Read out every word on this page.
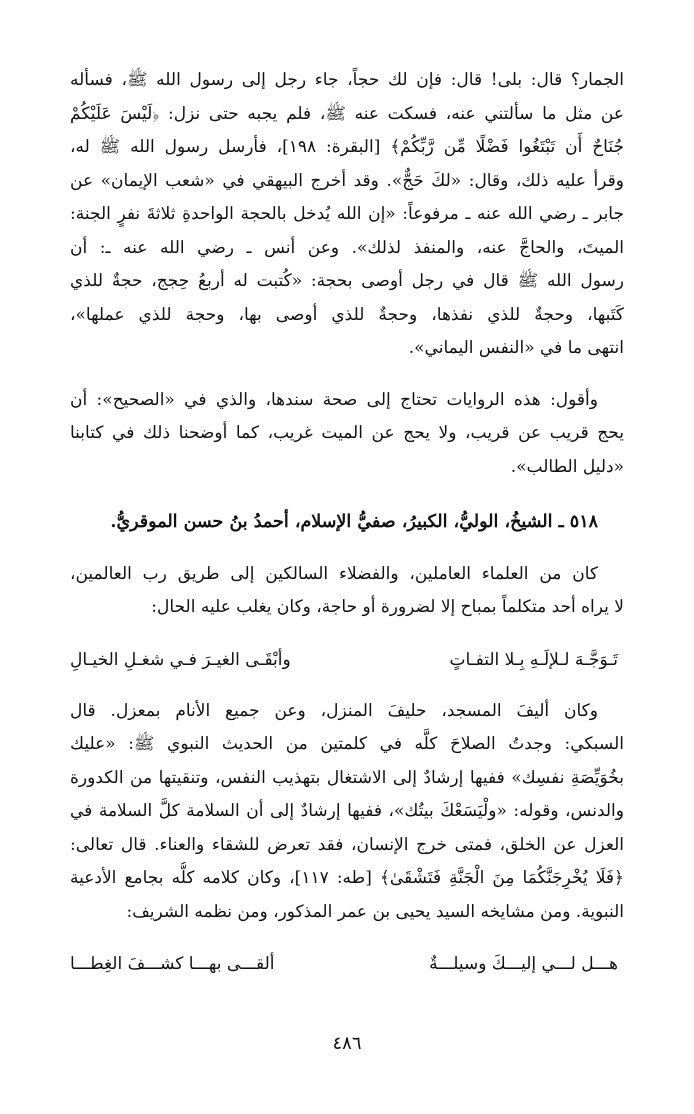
الجمار؟ قال: بلى! قال: فإن لك حجاً، جاء رجل إلى رسول الله ﷺ، فسأله

عن مثل ما سألتني عنه، فسكت عنه ﷺ، فلم يجبه حتى نزل: ﴿لَيْسَ عَلَيْكُمْ

جُنَاحٌ أَن تَبْتَغُوا فَضْلًا مِّن رَّبِّكُمْ﴾ [البقرة: ١٩٨]، فأرسل رسول الله ﷺ له،

وقرأ عليه ذلك، وقال: «لكَ حَجٌّ». وقد أخرج البيهقي في «شعب الإيمان» عن

جابر ـ رضي الله عنه ـ مرفوعاً: «إن الله يُدخل بالحجة الواحدةِ ثلاثةَ نفرٍ الجنة:

الميتَ، والحاجَّ عنه، والمنفذ لذلك». وعن أنس ـ رضي الله عنه ـ: أن

رسول الله ﷺ قال في رجل أوصى بحجة: «كُتبت له أربعُ حِجج، حجةٌ للذي

كَتَبها، وحجةٌ للذي نفذها، وحجةٌ للذي أوصى بها، وحجة للذي عملها»،

انتهى ما في «النفس اليماني».

وأقول: هذه الروايات تحتاج إلى صحة سندها، والذي في «الصحيح»: أن

يحج قريب عن قريب، ولا يحج عن الميت غريب، كما أوضحنا ذلك في كتابنا

«دليل الطالب».

٥١٨ ـ الشيخُ، الوليُّ، الكبيرُ، صفيُّ الإسلام، أحمدُ بنُ حسن الموقريُّ.

كان من العلماء العاملين، والفضلاء السالكين إلى طريق رب العالمين،

لا يراه أحد متكلماً بمباح إلا لضرورة أو حاجة، وكان يغلب عليه الحال:

تَـوَجَّـهَ لـلإلَـهِ بِـلا التفـاتٍ
وأبْقَـى الغيـرَ فـي شغـلِ الخيـالِ

وكان أليفَ المسجد، حليفَ المنزل، وعن جميع الأنام بمعزل. قال

السبكي: وجدتُ الصلاحَ كلَّه في كلمتين من الحديث النبوي ﷺ: «عليك

بخُوَيِّصَةِ نفسِك» ففيها إرشادٌ إلى الاشتغال بتهذيب النفس، وتنقيتها من الكدورة

والدنس، وقوله: «ولْيَسَعْكَ بيتُك»، ففيها إرشادٌ إلى أن السلامة كلَّ السلامة في

العزل عن الخلق، فمتى خرج الإنسان، فقد تعرض للشقاء والعناء. قال تعالى:

﴿فَلَا يُخْرِجَنَّكُمَا مِنَ الْجَنَّةِ فَتَشْقَىٰ﴾ [طه: ١١٧]، وكان كلامه كلُّه بجامع الأدعية

النبوية. ومن مشايخه السيد يحيى بن عمر المذكور، ومن نظمه الشريف:

هـــل لـــي إليـــكَ وسيلـــةٌ
ألقـــى بهـــا كشـــفَ الغِطـــا
٤٨٦
